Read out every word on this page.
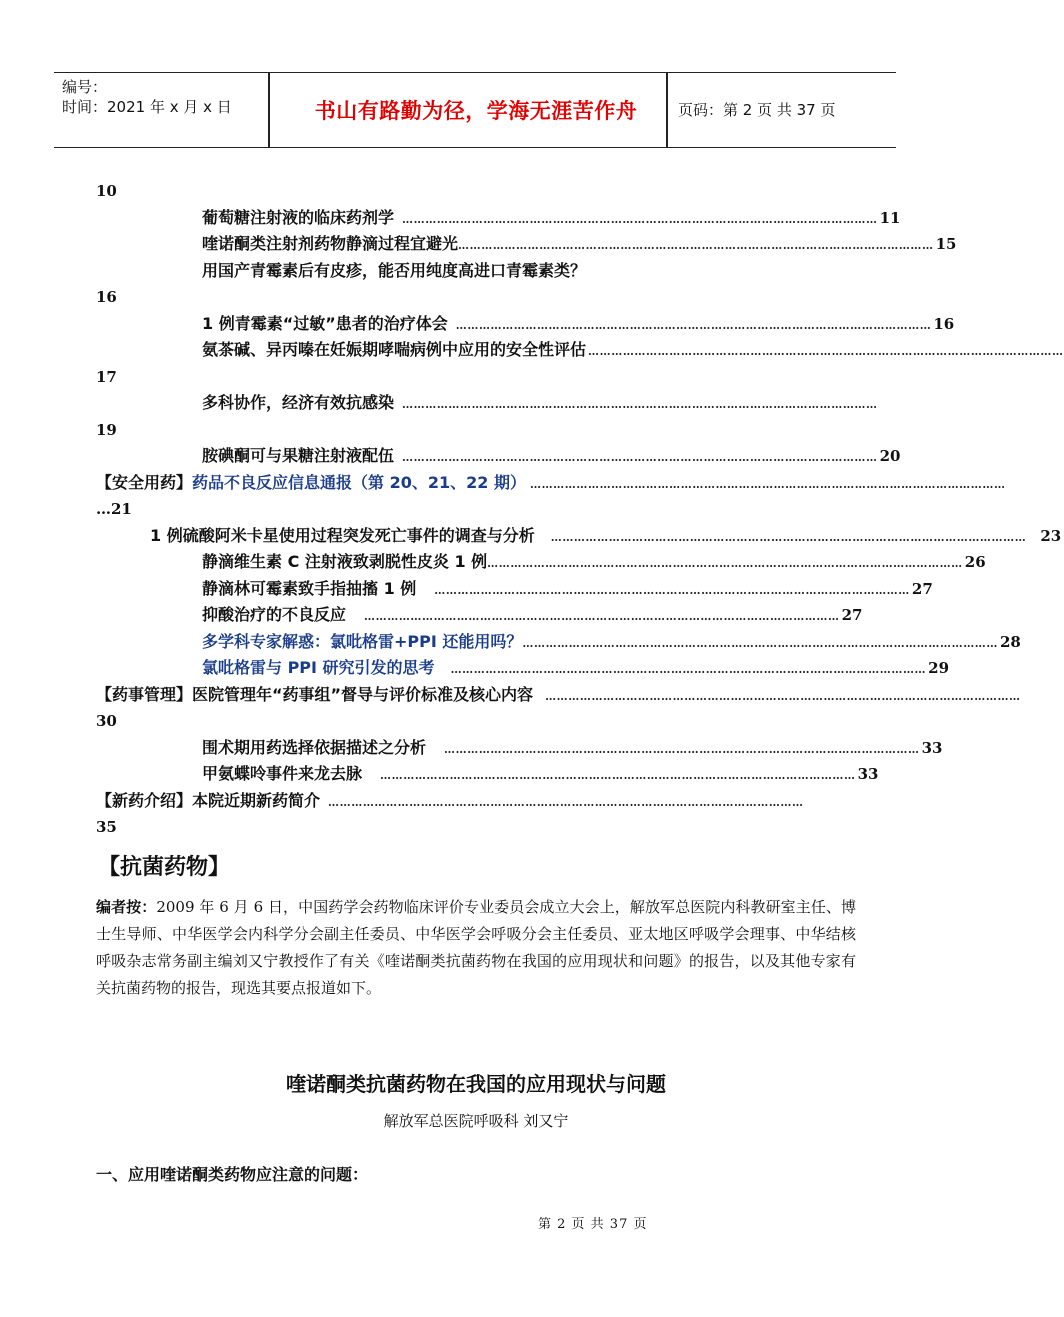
编号：
时间：2021 年 x 月 x 日	书山有路勤为径，学海无涯苦作舟	页码：第 2 页 共 37 页
10
葡萄糖注射液的临床药剂学 …………………………………………………………………………………………………………… 11
喹诺酮类注射剂药物静滴过程宜避光 …………………………………………………………………………………………………………… 15
用国产青霉素后有皮疹，能否用纯度高进口青霉素类？
16
1 例青霉素“过敏”患者的治疗体会 …………………………………………………………………………………………………………… 16
氨茶碱、异丙嗪在妊娠期哮喘病例中应用的安全性评估 ……………………………………………………………………………………………………………
17
多科协作，经济有效抗感染 ……………………………………………………………………………………………………………
19
胺碘酮可与果糖注射液配伍 …………………………………………………………………………………………………………… 20
【安全用药】 药品不良反应信息通报（第 20、21、22 期） ……………………………………………………………………………………………………………
…21
1 例硫酸阿米卡星使用过程突发死亡事件的调查与分析 …………………………………………………………………………………………………………… 23
静滴维生素 C 注射液致剥脱性皮炎 1 例 …………………………………………………………………………………………………………… 26
静滴林可霉素致手指抽搐 1 例 …………………………………………………………………………………………………………… 27
抑酸治疗的不良反应 …………………………………………………………………………………………………………… 27
多学科专家解惑：氯吡格雷+PPI 还能用吗？ …………………………………………………………………………………………………………… 28
氯吡格雷与 PPI 研究引发的思考 …………………………………………………………………………………………………………… 29
【药事管理】 医院管理年“药事组”督导与评价标准及核心内容 ……………………………………………………………………………………………………………
30
围术期用药选择依据描述之分析 …………………………………………………………………………………………………………… 33
甲氨蝶呤事件来龙去脉 …………………………………………………………………………………………………………… 33
【新药介绍】 本院近期新药简介 ……………………………………………………………………………………………………………
35
【抗菌药物】
编者按：2009 年 6 月 6 日，中国药学会药物临床评价专业委员会成立大会上，解放军总医院内科教研室主任、博士生导师、中华医学会内科学分会副主任委员、中华医学会呼吸分会主任委员、亚太地区呼吸学会理事、中华结核呼吸杂志常务副主编刘又宁教授作了有关《喹诺酮类抗菌药物在我国的应用现状和问题》的报告，以及其他专家有关抗菌药物的报告，现选其要点报道如下。
喹诺酮类抗菌药物在我国的应用现状与问题
解放军总医院呼吸科 刘又宁
一、应用喹诺酮类药物应注意的问题：
第 2 页 共 37 页
